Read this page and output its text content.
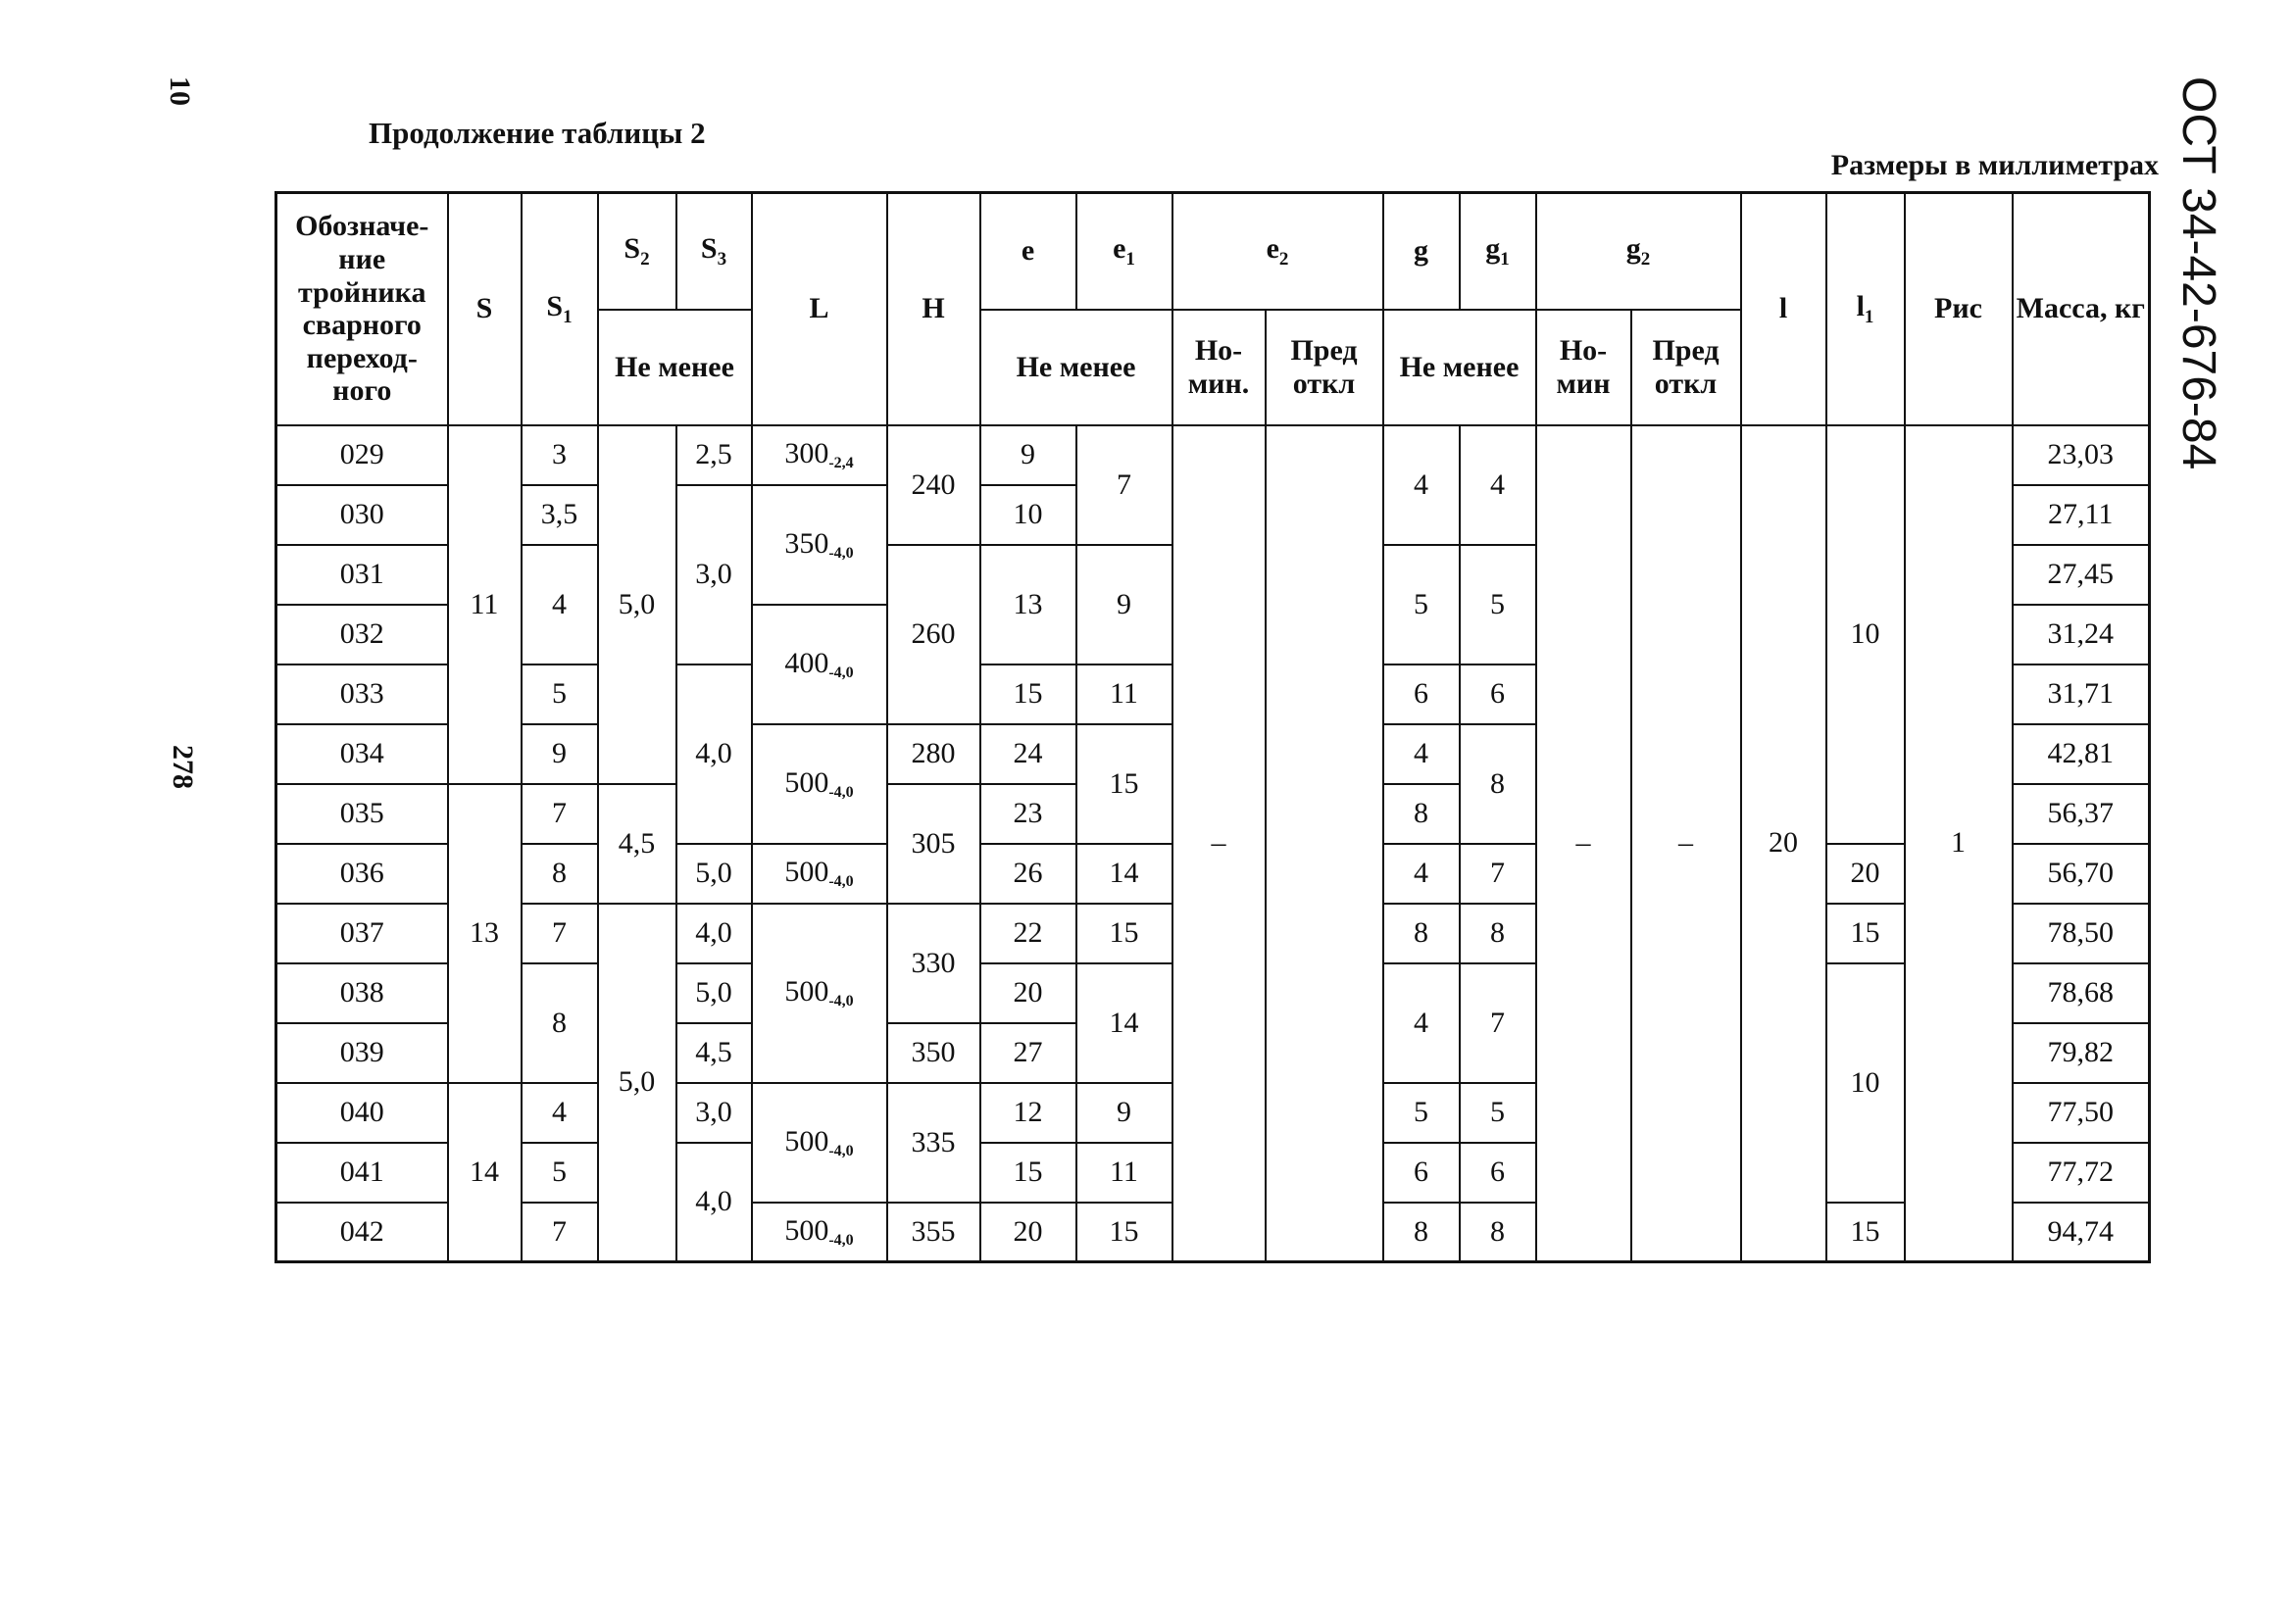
10
278
ОСТ 34-42-676-84
Продолжение таблицы 2
Размеры в миллиметрах
Обозначе-ние тройника сварного переход-ного	S	$S_1$	$S_2$	$S_3$	L	H	e	$e_1$	$e_2$		g	$g_1$	$g_2$		l	$l_1$	Рис	Масса, кг
			Не менее				Не менее		Но-мин.	Пред откл	Не менее		Но-мин	Пред откл				
029	11	3	5,0	2,5	300-2,4	240	9	7	–		4	4	–	–	20	10	1	23,03
030		3,5		3,0	350-4,0		10											27,11
031		4				260	13	9			5	5						27,45
032					400-4,0													31,24
033		5		4,0			15	11			6	6						31,71
034		9			500-4,0	280	24	15			4	8						42,81
035	13	7	4,5			305	23				8							56,37
036		8		5,0	500-4,0		26	14			4	7				20		56,70
037		7	5,0	4,0	500-4,0	330	22	15			8	8				15		78,50
038		8		5,0			20	14			4	7				10		78,68
039				4,5		350	27											79,82
040	14	4		3,0	500-4,0	335	12	9			5	5						77,50
041		5		4,0			15	11			6	6						77,72
042		7			500-4,0	355	20	15			8	8				15		94,74
